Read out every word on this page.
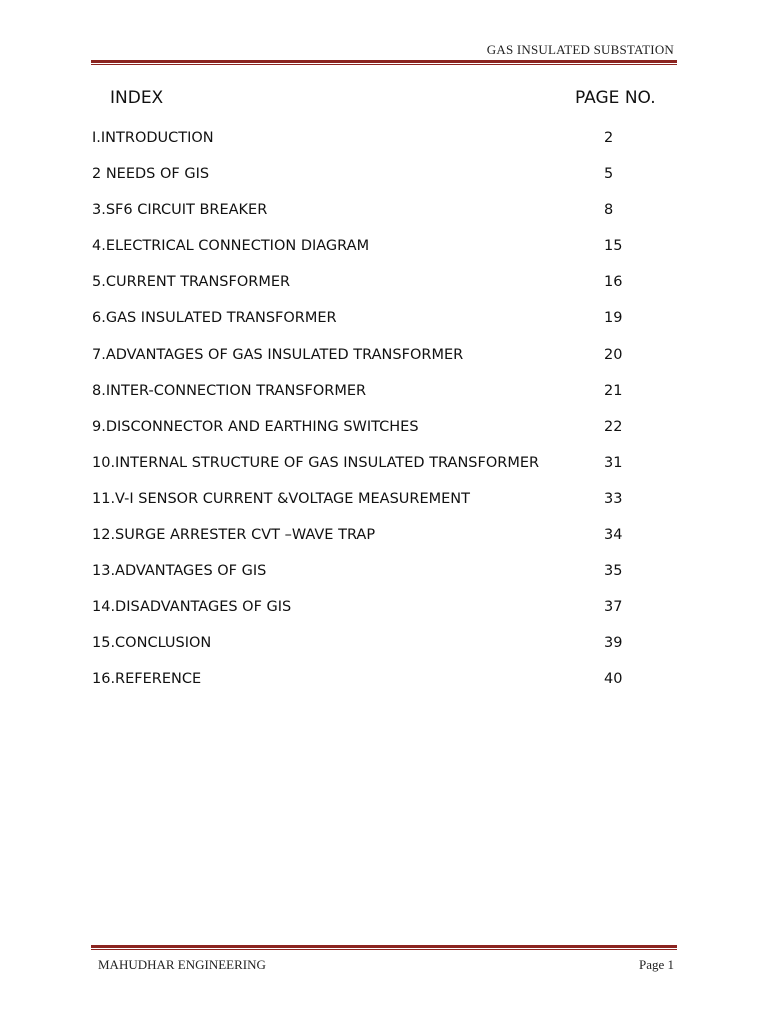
GAS INSULATED SUBSTATION
INDEX	PAGE NO.
I.INTRODUCTION	2
2 NEEDS OF GIS	5
3.SF6 CIRCUIT BREAKER	8
4.ELECTRICAL CONNECTION DIAGRAM	15
5.CURRENT TRANSFORMER	16
6.GAS INSULATED TRANSFORMER	19
7.ADVANTAGES OF GAS INSULATED TRANSFORMER	20
8.INTER-CONNECTION TRANSFORMER	21
9.DISCONNECTOR AND EARTHING SWITCHES	22
10.INTERNAL STRUCTURE OF GAS INSULATED TRANSFORMER	31
11.V-I SENSOR CURRENT &VOLTAGE MEASUREMENT	33
12.SURGE ARRESTER CVT –WAVE TRAP	34
13.ADVANTAGES OF GIS	35
14.DISADVANTAGES OF GIS	37
15.CONCLUSION	39
16.REFERENCE	40
MAHUDHAR ENGINEERING	Page 1
